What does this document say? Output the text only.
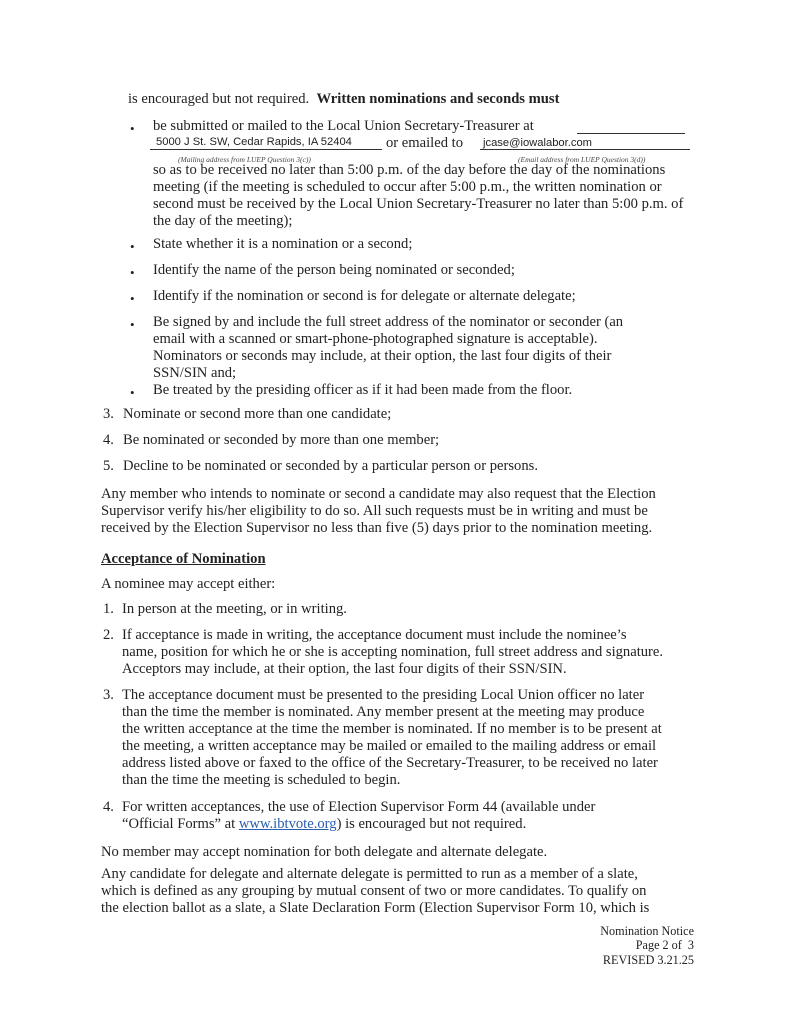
is encouraged but not required. Written nominations and seconds must
• be submitted or mailed to the Local Union Secretary-Treasurer at
5000 J St. SW, Cedar Rapids, IA 52404 or emailed to jcase@iowalabor.com
(Mailing address from LUEP Question 3(c))	(Email address from LUEP Question 3(d))
so as to be received no later than 5:00 p.m. of the day before the day of the nominations
meeting (if the meeting is scheduled to occur after 5:00 p.m., the written nomination or
second must be received by the Local Union Secretary-Treasurer no later than 5:00 p.m. of
the day of the meeting);
• State whether it is a nomination or a second;
• Identify the name of the person being nominated or seconded;
• Identify if the nomination or second is for delegate or alternate delegate;
• Be signed by and include the full street address of the nominator or seconder (an
email with a scanned or smart-phone-photographed signature is acceptable).
Nominators or seconds may include, at their option, the last four digits of their
SSN/SIN and;
• Be treated by the presiding officer as if it had been made from the floor.
3. Nominate or second more than one candidate;
4. Be nominated or seconded by more than one member;
5. Decline to be nominated or seconded by a particular person or persons.
Any member who intends to nominate or second a candidate may also request that the Election
Supervisor verify his/her eligibility to do so. All such requests must be in writing and must be
received by the Election Supervisor no less than five (5) days prior to the nomination meeting.
Acceptance of Nomination
A nominee may accept either:
1. In person at the meeting, or in writing.
2. If acceptance is made in writing, the acceptance document must include the nominee’s
name, position for which he or she is accepting nomination, full street address and signature.
Acceptors may include, at their option, the last four digits of their SSN/SIN.
3. The acceptance document must be presented to the presiding Local Union officer no later
than the time the member is nominated. Any member present at the meeting may produce
the written acceptance at the time the member is nominated. If no member is to be present at
the meeting, a written acceptance may be mailed or emailed to the mailing address or email
address listed above or faxed to the office of the Secretary-Treasurer, to be received no later
than the time the meeting is scheduled to begin.
4. For written acceptances, the use of Election Supervisor Form 44 (available under
“Official Forms” at www.ibtvote.org) is encouraged but not required.
No member may accept nomination for both delegate and alternate delegate.
Any candidate for delegate and alternate delegate is permitted to run as a member of a slate,
which is defined as any grouping by mutual consent of two or more candidates. To qualify on
the election ballot as a slate, a Slate Declaration Form (Election Supervisor Form 10, which is
Nomination Notice
Page 2 of  3
REVISED 3.21.25
